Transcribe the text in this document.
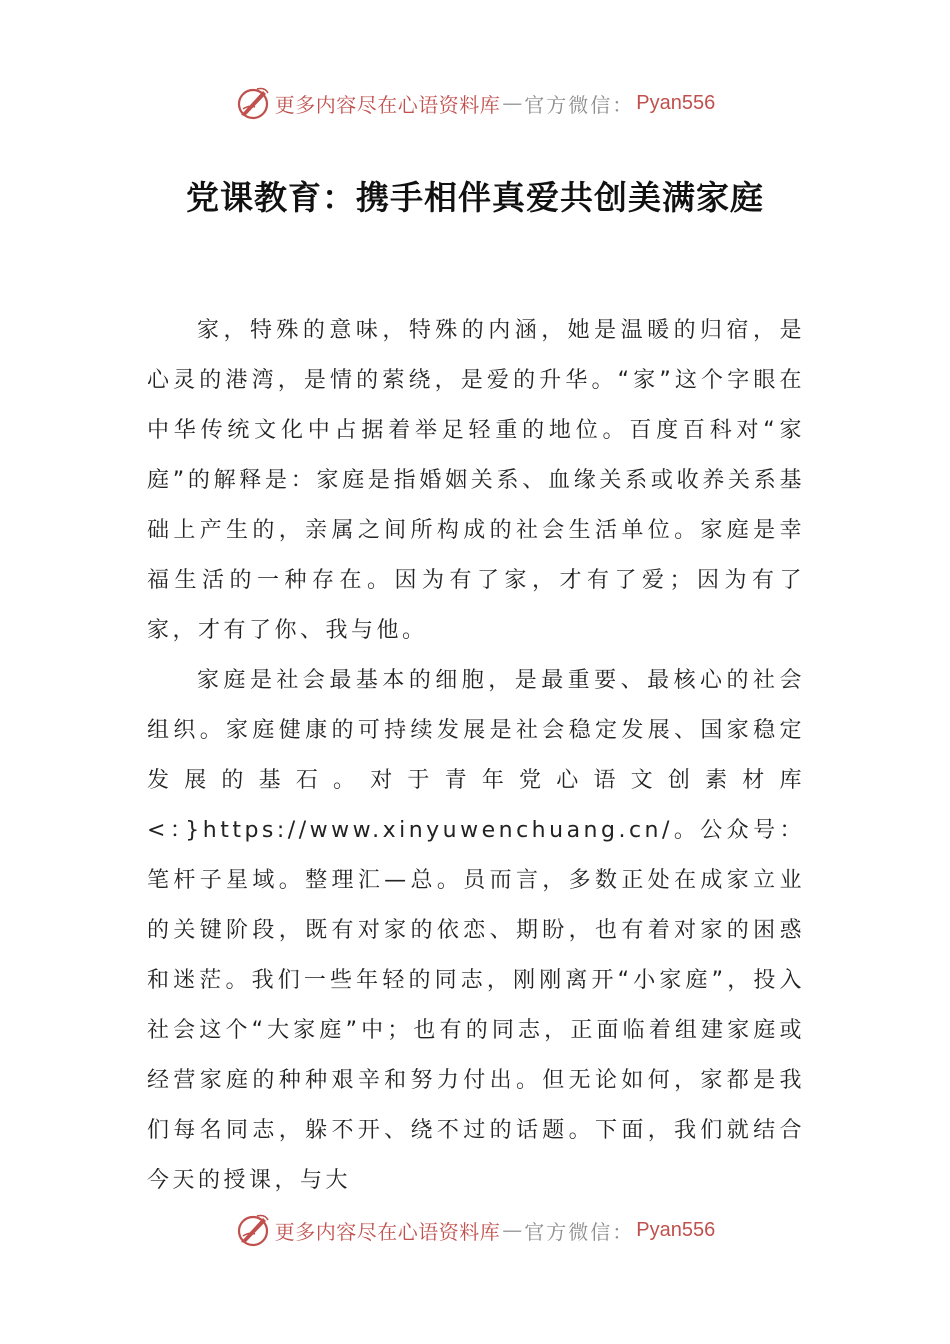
更多内容尽在心语资料库 — 官方微信： Pyan556
党课教育：携手相伴真爱共创美满家庭

家，特殊的意味，特殊的内涵，她是温暖的归宿，是心灵的港湾，是情的萦绕，是爱的升华。“家”这个字眼在中华传统文化中占据着举足轻重的地位。百度百科对“家庭”的解释是：家庭是指婚姻关系、血缘关系或收养关系基础上产生的，亲属之间所构成的社会生活单位。家庭是幸福生活的一种存在。因为有了家，才有了爱；因为有了家，才有了你、我与他。

家庭是社会最基本的细胞，是最重要、最核心的社会组织。家庭健康的可持续发展是社会稳定发展、国家稳定发展的基石。对于青年党心语文创素材库<：}https://www.xinyuwenchuang.cn/。公众号：笔杆子星域。整理汇—总。员而言，多数正处在成家立业的关键阶段，既有对家的依恋、期盼，也有着对家的困惑和迷茫。我们一些年轻的同志，刚刚离开“小家庭”，投入社会这个“大家庭”中；也有的同志，正面临着组建家庭或经营家庭的种种艰辛和努力付出。但无论如何，家都是我们每名同志，躲不开、绕不过的话题。下面，我们就结合今天的授课，与大

更多内容尽在心语资料库 — 官方微信： Pyan556
